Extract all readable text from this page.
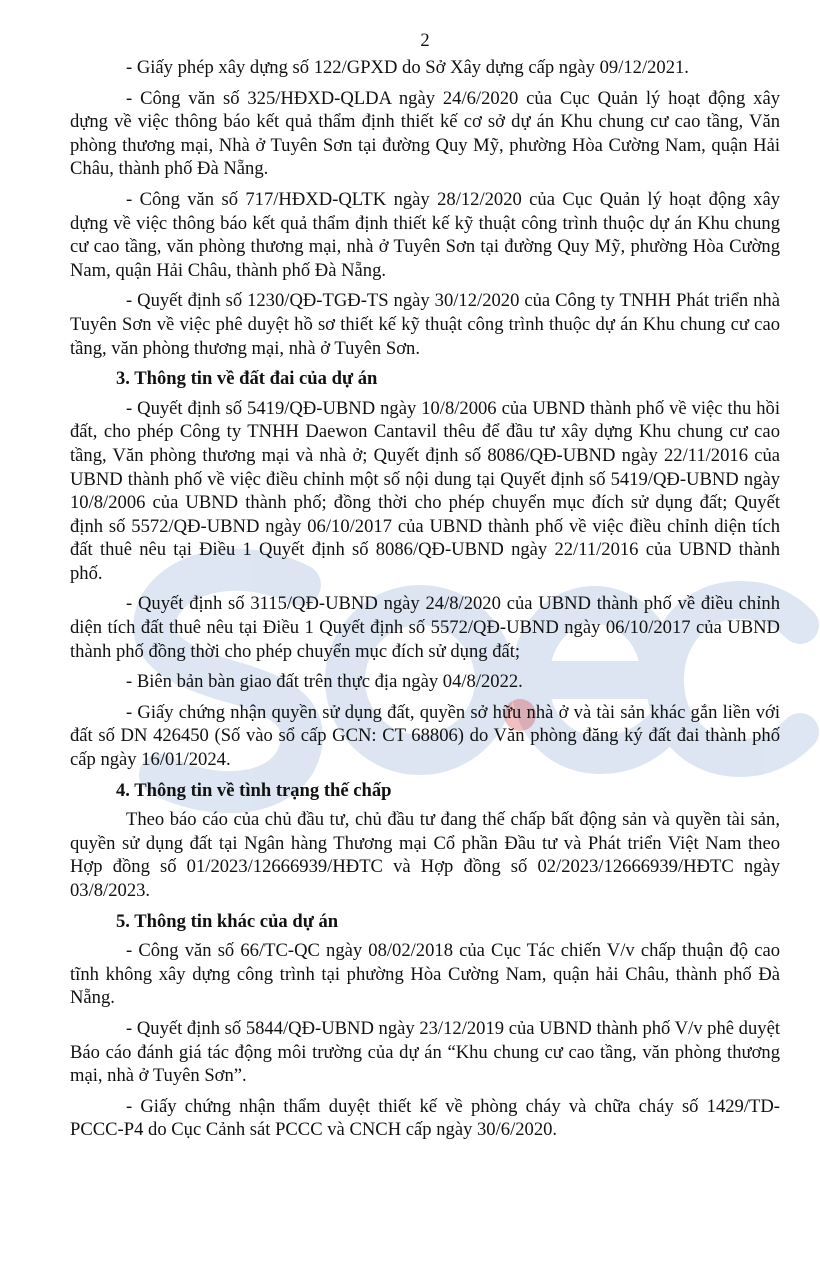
2

- Giấy phép xây dựng số 122/GPXD do Sở Xây dựng cấp ngày 09/12/2021.

- Công văn số 325/HĐXD-QLDA ngày 24/6/2020 của Cục Quản lý hoạt động xây dựng về việc thông báo kết quả thẩm định thiết kế cơ sở dự án Khu chung cư cao tầng, Văn phòng thương mại, Nhà ở Tuyên Sơn tại đường Quy Mỹ, phường Hòa Cường Nam, quận Hải Châu, thành phố Đà Nẵng.

- Công văn số 717/HĐXD-QLTK ngày 28/12/2020 của Cục Quản lý hoạt động xây dựng về việc thông báo kết quả thẩm định thiết kế kỹ thuật công trình thuộc dự án Khu chung cư cao tầng, văn phòng thương mại, nhà ở Tuyên Sơn tại đường Quy Mỹ, phường Hòa Cường Nam, quận Hải Châu, thành phố Đà Nẵng.

- Quyết định số 1230/QĐ-TGĐ-TS ngày 30/12/2020 của Công ty TNHH Phát triển nhà Tuyên Sơn về việc phê duyệt hồ sơ thiết kế kỹ thuật công trình thuộc dự án Khu chung cư cao tầng, văn phòng thương mại, nhà ở Tuyên Sơn.

3. Thông tin về đất đai của dự án

- Quyết định số 5419/QĐ-UBND ngày 10/8/2006 của UBND thành phố về việc thu hồi đất, cho phép Công ty TNHH Daewon Cantavil thêu để đầu tư xây dựng Khu chung cư cao tầng, Văn phòng thương mại và nhà ở; Quyết định số 8086/QĐ-UBND ngày 22/11/2016 của UBND thành phố về việc điều chỉnh một số nội dung tại Quyết định số 5419/QĐ-UBND ngày 10/8/2006 của UBND thành phố; đồng thời cho phép chuyển mục đích sử dụng đất; Quyết định số 5572/QĐ-UBND ngày 06/10/2017 của UBND thành phố về việc điều chỉnh diện tích đất thuê nêu tại Điều 1 Quyết định số 8086/QĐ-UBND ngày 22/11/2016 của UBND thành phố.

- Quyết định số 3115/QĐ-UBND ngày 24/8/2020 của UBND thành phố về điều chỉnh diện tích đất thuê nêu tại Điều 1 Quyết định số 5572/QĐ-UBND ngày 06/10/2017 của UBND thành phố đồng thời cho phép chuyển mục đích sử dụng đất;

- Biên bản bàn giao đất trên thực địa ngày 04/8/2022.

- Giấy chứng nhận quyền sử dụng đất, quyền sở hữu nhà ở và tài sản khác gắn liền với đất số DN 426450 (Số vào sổ cấp GCN: CT 68806) do Văn phòng đăng ký đất đai thành phố cấp ngày 16/01/2024.

4. Thông tin về tình trạng thế chấp

Theo báo cáo của chủ đầu tư, chủ đầu tư đang thế chấp bất động sản và quyền tài sản, quyền sử dụng đất tại Ngân hàng Thương mại Cổ phần Đầu tư và Phát triển Việt Nam theo Hợp đồng số 01/2023/12666939/HĐTC và Hợp đồng số 02/2023/12666939/HĐTC ngày 03/8/2023.

5. Thông tin khác của dự án

- Công văn số 66/TC-QC ngày 08/02/2018 của Cục Tác chiến V/v chấp thuận độ cao tĩnh không xây dựng công trình tại phường Hòa Cường Nam, quận hải Châu, thành phố Đà Nẵng.

- Quyết định số 5844/QĐ-UBND ngày 23/12/2019 của UBND thành phố V/v phê duyệt Báo cáo đánh giá tác động môi trường của dự án “Khu chung cư cao tầng, văn phòng thương mại, nhà ở Tuyên Sơn”.

- Giấy chứng nhận thẩm duyệt thiết kế về phòng cháy và chữa cháy số 1429/TD-PCCC-P4 do Cục Cảnh sát PCCC và CNCH cấp ngày 30/6/2020.
